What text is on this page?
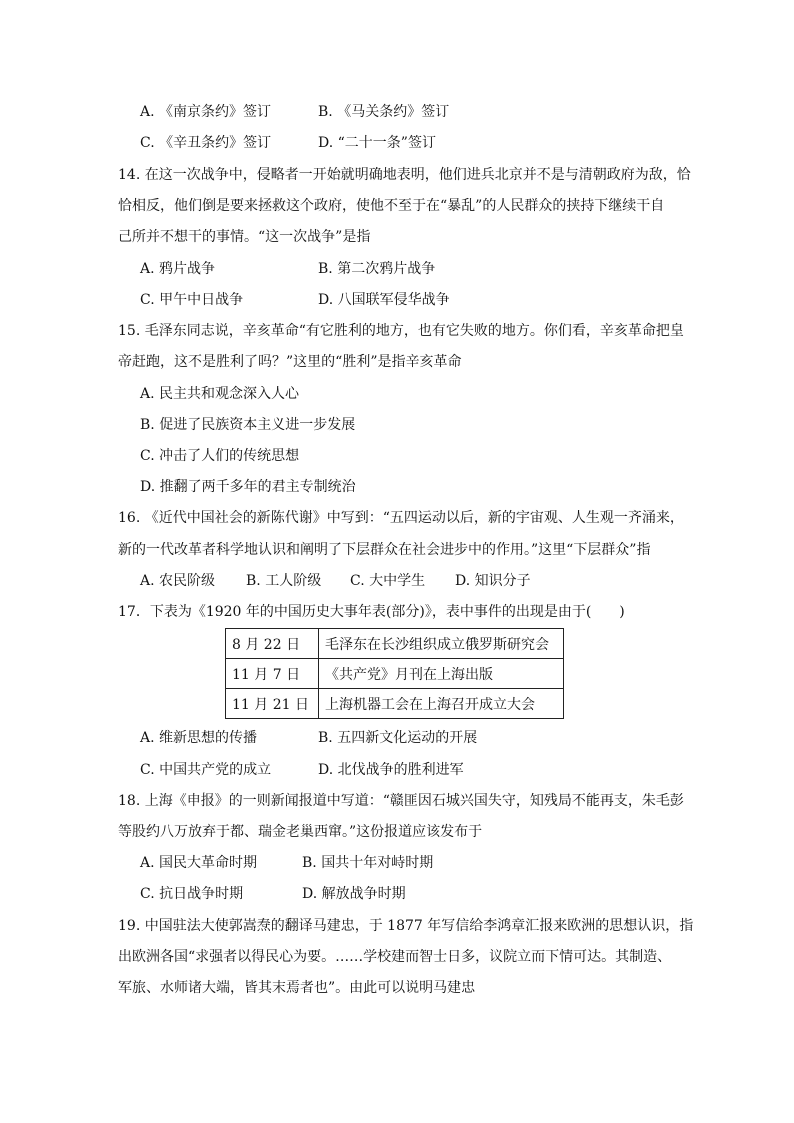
A. 《南京条约》签订	B. 《马关条约》签订
C. 《辛丑条约》签订	D. “二十一条”签订
14. 在这一次战争中，侵略者一开始就明确地表明，他们进兵北京并不是与清朝政府为敌，恰
恰相反，他们倒是要来拯救这个政府，使他不至于在“暴乱”的人民群众的挟持下继续干自
己所并不想干的事情。“这一次战争”是指
A. 鸦片战争	B. 第二次鸦片战争
C. 甲午中日战争	D. 八国联军侵华战争
15. 毛泽东同志说，辛亥革命“有它胜利的地方，也有它失败的地方。你们看，辛亥革命把皇
帝赶跑，这不是胜利了吗？”这里的“胜利”是指辛亥革命
A. 民主共和观念深入人心
B. 促进了民族资本主义进一步发展
C. 冲击了人们的传统思想
D. 推翻了两千多年的君主专制统治
16. 《近代中国社会的新陈代谢》中写到：“五四运动以后，新的宇宙观、人生观一齐涌来，
新的一代改革者科学地认识和阐明了下层群众在社会进步中的作用。”这里“下层群众”指
A. 农民阶级 B. 工人阶级 C. 大中学生 D. 知识分子
17．下表为《1920 年的中国历史大事年表(部分)》，表中事件的出现是由于(　　)
8 月 22 日	毛泽东在长沙组织成立俄罗斯研究会
11 月 7 日	《共产党》月刊在上海出版
11 月 21 日	上海机器工会在上海召开成立大会
A. 维新思想的传播	B. 五四新文化运动的开展
C. 中国共产党的成立	D. 北伐战争的胜利进军
18. 上海《申报》的一则新闻报道中写道：“赣匪因石城兴国失守，知残局不能再支，朱毛彭
等股约八万放弃于都、瑞金老巢西窜。”这份报道应该发布于
A. 国民大革命时期	B. 国共十年对峙时期
C. 抗日战争时期	D. 解放战争时期
19. 中国驻法大使郭嵩焘的翻译马建忠，于 1877 年写信给李鸿章汇报来欧洲的思想认识，指
出欧洲各国“求强者以得民心为要。……学校建而智士日多，议院立而下情可达。其制造、
军旅、水师诸大端，皆其末焉者也”。由此可以说明马建忠
